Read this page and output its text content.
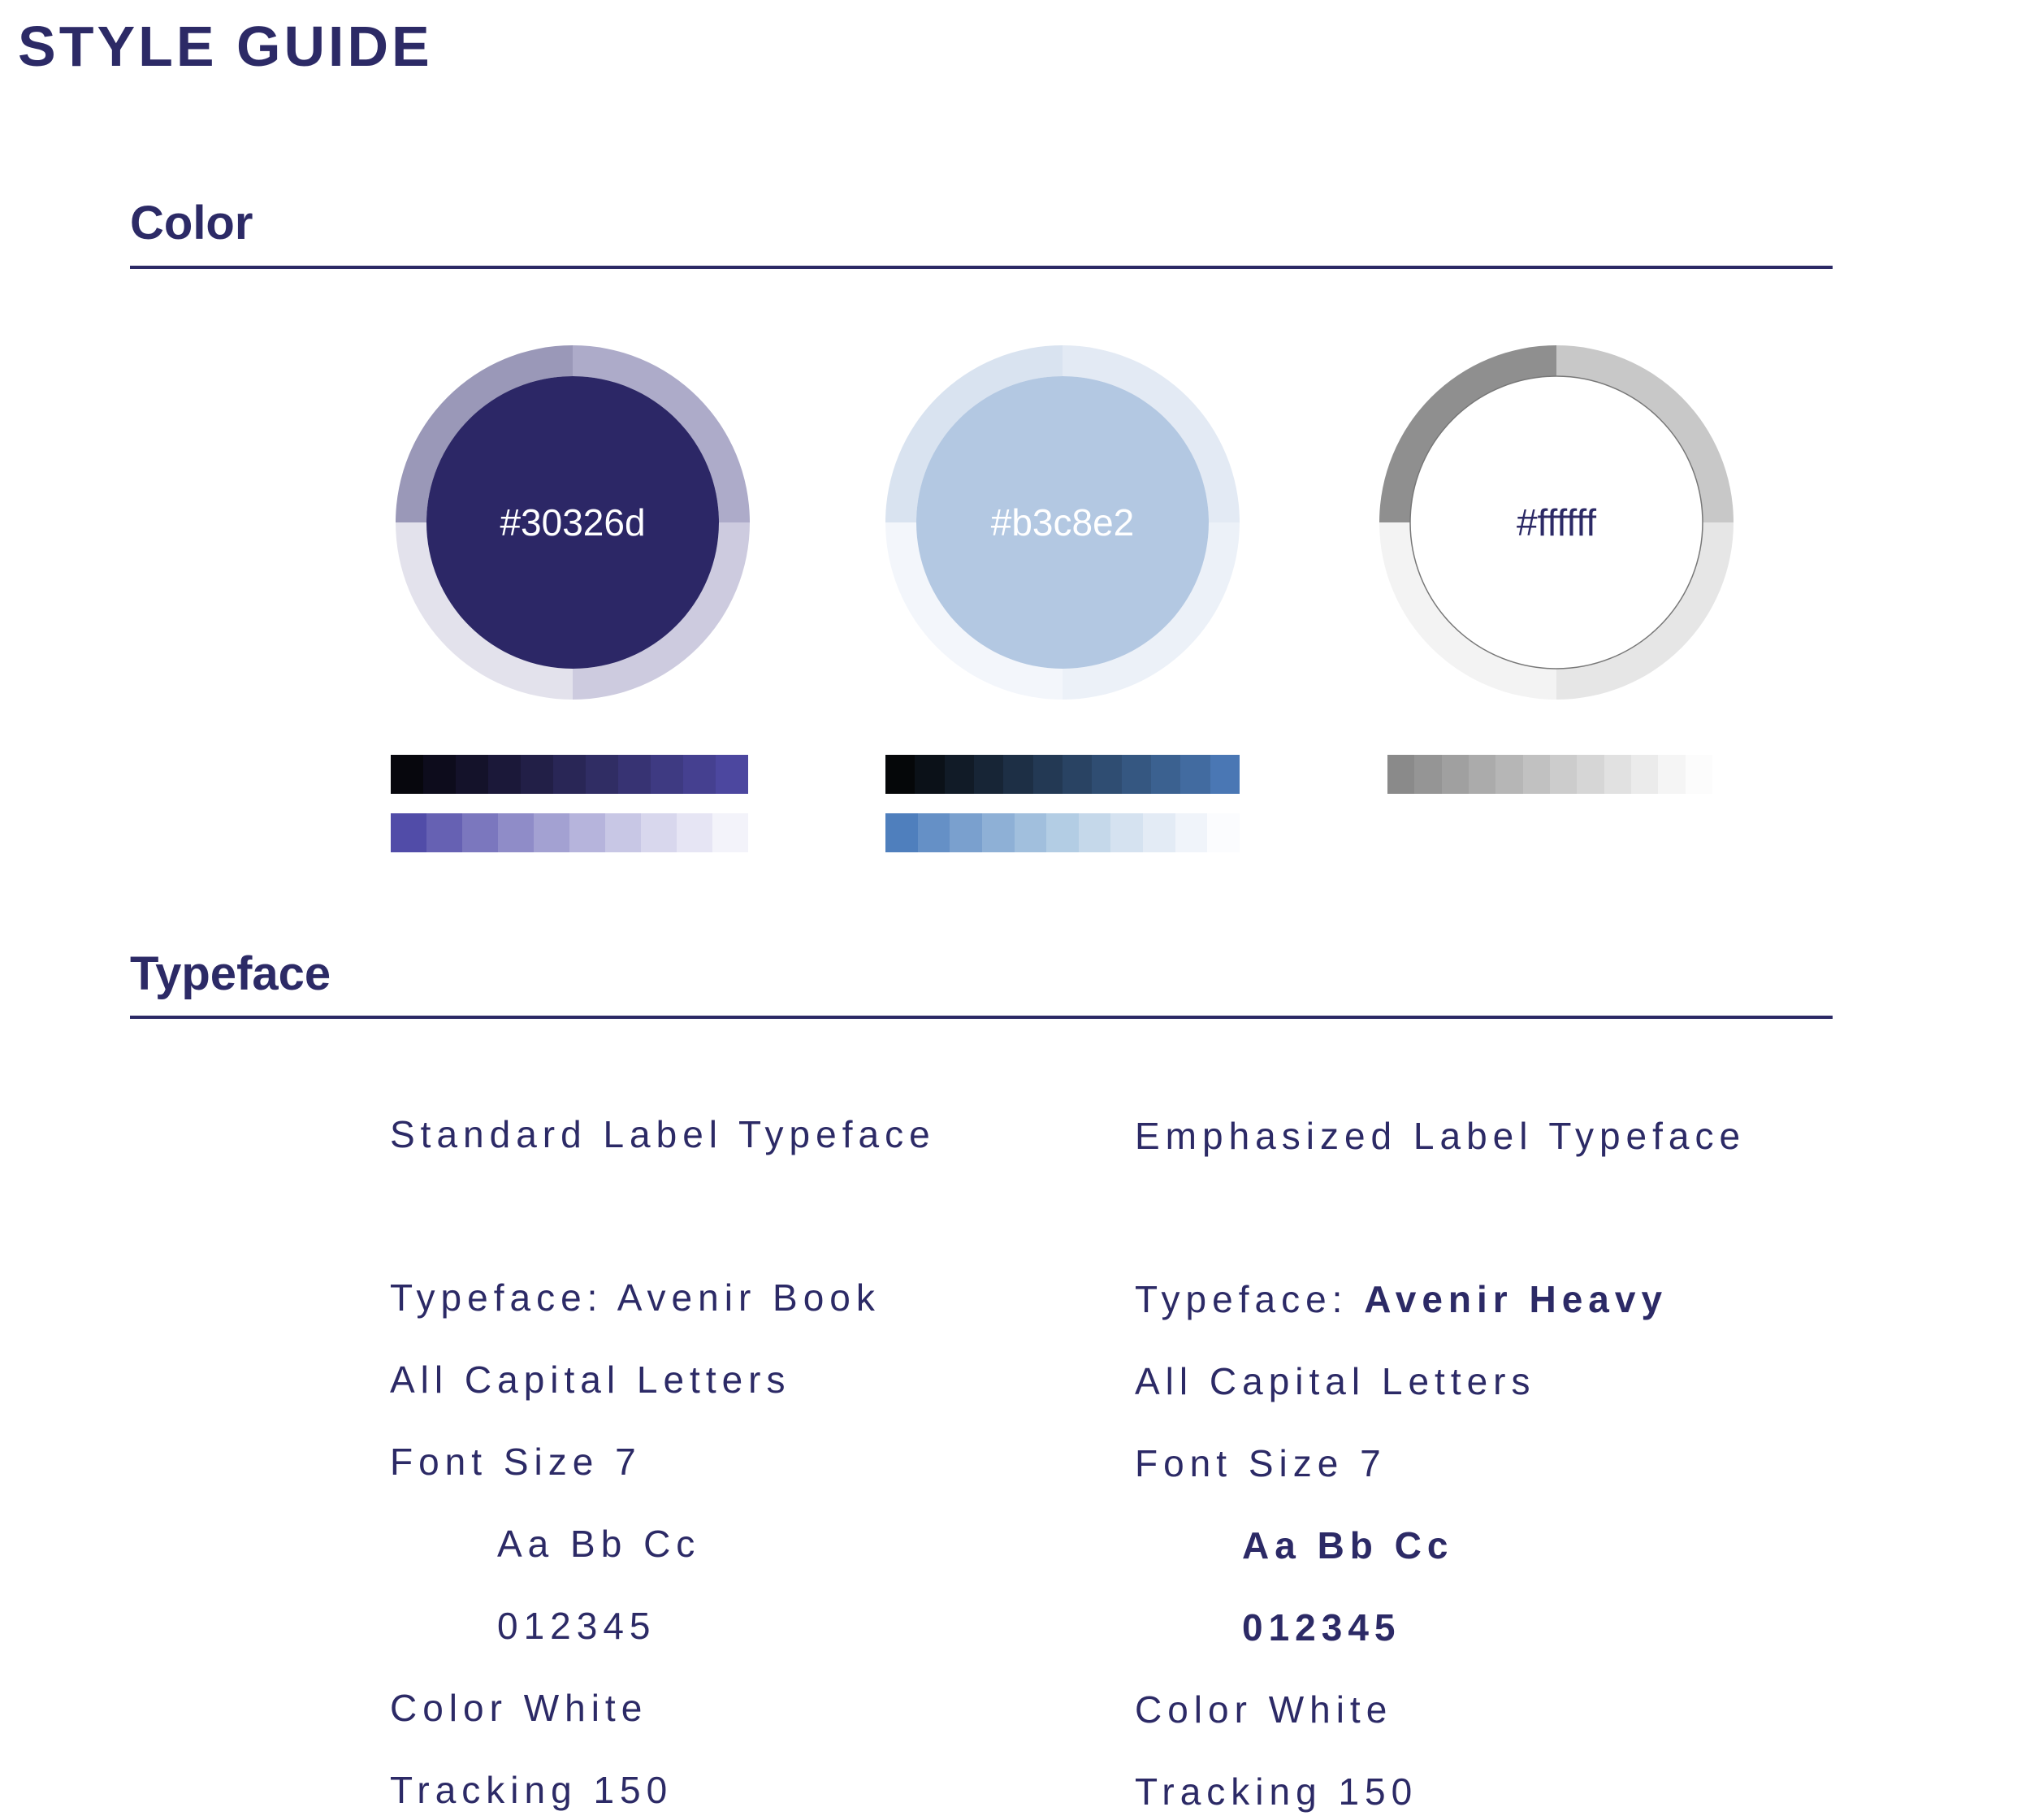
STYLE GUIDE
Color
#30326d	#b3c8e2	#ffffff
Typeface
Standard Label Typeface
Typeface: Avenir Book
All Capital Letters
Font Size 7
Aa Bb Cc
012345
Color White
Tracking 150
Emphasized Label Typeface
Typeface: Avenir Heavy
All Capital Letters
Font Size 7
Aa Bb Cc
012345
Color White
Tracking 150
